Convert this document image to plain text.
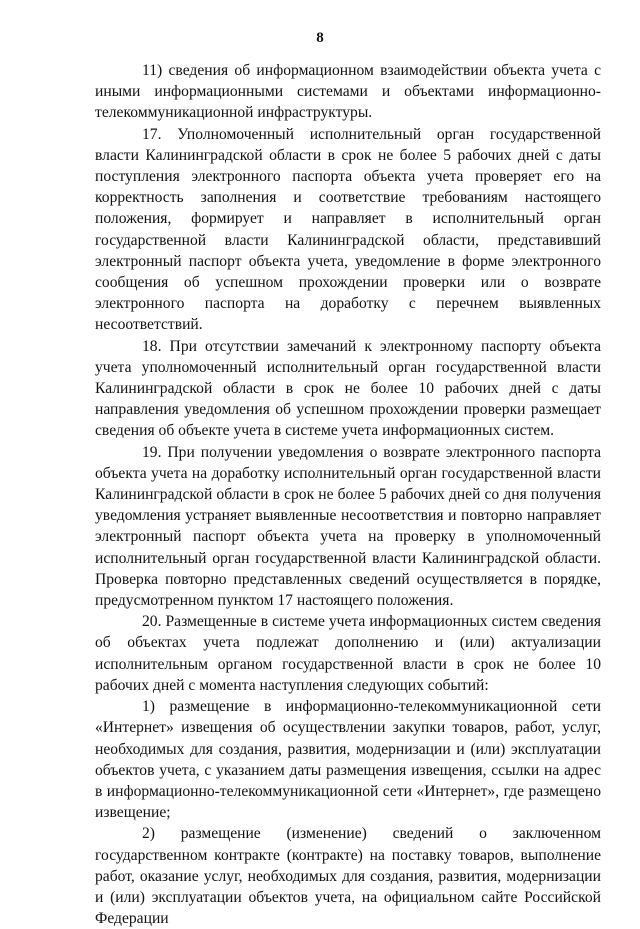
8

11) сведения об информационном взаимодействии объекта учета с иными информационными системами и объектами информационно-телекоммуникационной инфраструктуры.

17. Уполномоченный исполнительный орган государственной власти Калининградской области в срок не более 5 рабочих дней с даты поступления электронного паспорта объекта учета проверяет его на корректность заполнения и соответствие требованиям настоящего положения, формирует и направляет в исполнительный орган государственной власти Калининградской области, представивший электронный паспорт объекта учета, уведомление в форме электронного сообщения об успешном прохождении проверки или о возврате электронного паспорта на доработку с перечнем выявленных несоответствий.

18. При отсутствии замечаний к электронному паспорту объекта учета уполномоченный исполнительный орган государственной власти Калининградской области в срок не более 10 рабочих дней с даты направления уведомления об успешном прохождении проверки размещает сведения об объекте учета в системе учета информационных систем.

19. При получении уведомления о возврате электронного паспорта объекта учета на доработку исполнительный орган государственной власти Калининградской области в срок не более 5 рабочих дней со дня получения уведомления устраняет выявленные несоответствия и повторно направляет электронный паспорт объекта учета на проверку в уполномоченный исполнительный орган государственной власти Калининградской области. Проверка повторно представленных сведений осуществляется в порядке, предусмотренном пунктом 17 настоящего положения.

20. Размещенные в системе учета информационных систем сведения об объектах учета подлежат дополнению и (или) актуализации исполнительным органом государственной власти в срок не более 10 рабочих дней с момента наступления следующих событий:

1) размещение в информационно-телекоммуникационной сети «Интернет» извещения об осуществлении закупки товаров, работ, услуг, необходимых для создания, развития, модернизации и (или) эксплуатации объектов учета, с указанием даты размещения извещения, ссылки на адрес в информационно-телекоммуникационной сети «Интернет», где размещено извещение;

2) размещение (изменение) сведений о заключенном государственном контракте (контракте) на поставку товаров, выполнение работ, оказание услуг, необходимых для создания, развития, модернизации и (или) эксплуатации объектов учета, на официальном сайте Российской Федерации
